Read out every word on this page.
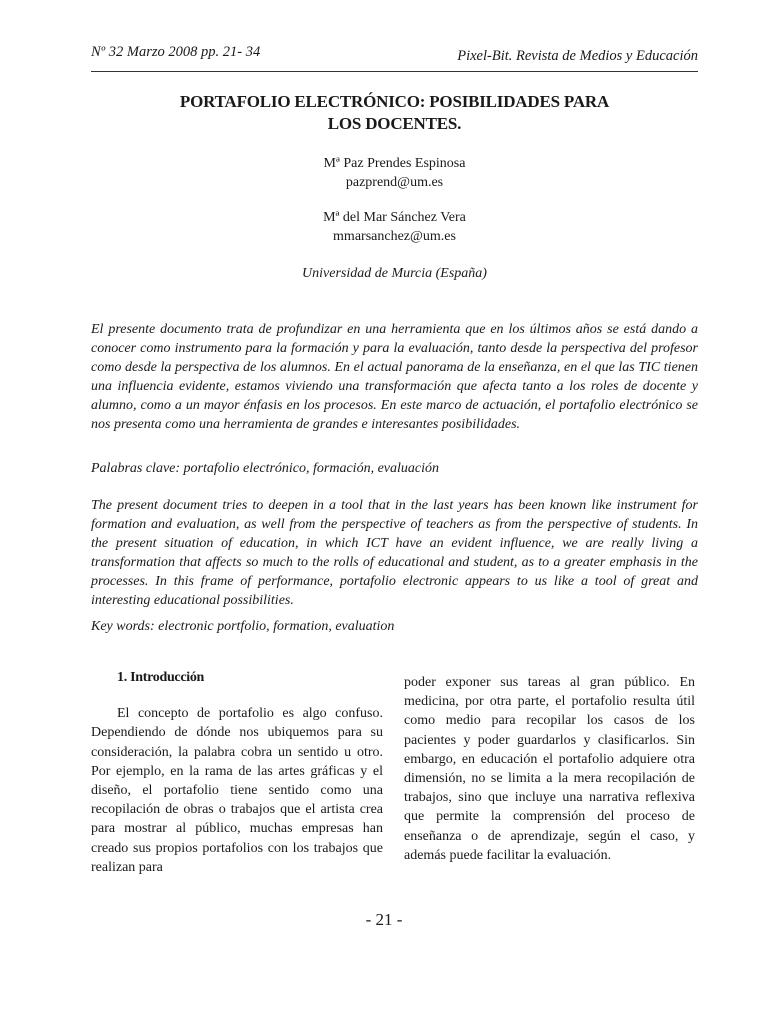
Nº 32 Marzo 2008 pp. 21- 34	Pixel-Bit. Revista de Medios y Educación
PORTAFOLIO ELECTRÓNICO: POSIBILIDADES PARA
LOS DOCENTES.
Mª Paz Prendes Espinosa
pazprend@um.es
Mª del Mar Sánchez Vera
mmarsanchez@um.es
Universidad de Murcia (España)

El presente documento trata de profundizar en una herramienta que en los últimos años se está dando a conocer como instrumento para la formación y para la evaluación, tanto desde la perspectiva del profesor como desde la perspectiva de los alumnos. En el actual panorama de la enseñanza, en el que las TIC tienen una influencia evidente, estamos viviendo una transformación que afecta tanto a los roles de docente y alumno, como a un mayor énfasis en los procesos. En este marco de actuación, el portafolio electrónico se nos presenta como una herramienta de grandes e interesantes posibilidades.

Palabras clave: portafolio electrónico, formación, evaluación

The present document tries to deepen in a tool that in the last years has been known like instrument for formation and evaluation, as well from the perspective of teachers as from the perspective of students. In the present situation of education, in which ICT have an evident influence, we are really living a transformation that affects so much to the rolls of educational and student, as to a greater emphasis in the processes. In this frame of performance, portafolio electronic appears to us like a tool of great and interesting educational possibilities.

Key words: electronic portfolio, formation, evaluation
1. Introducción

El concepto de portafolio es algo confuso. Dependiendo de dónde nos ubiquemos para su consideración, la palabra cobra un sentido u otro. Por ejemplo, en la rama de las artes gráficas y el diseño, el portafolio tiene sentido como una recopilación de obras o trabajos que el artista crea para mostrar al público, muchas empresas han creado sus propios portafolios con los trabajos que realizan para

poder exponer sus tareas al gran público. En medicina, por otra parte, el portafolio resulta útil como medio para recopilar los casos de los pacientes y poder guardarlos y clasificarlos. Sin embargo, en educación el portafolio adquiere otra dimensión, no se limita a la mera recopilación de trabajos, sino que incluye una narrativa reflexiva que permite la comprensión del proceso de enseñanza o de aprendizaje, según el caso, y además puede facilitar la evaluación.

- 21 -
